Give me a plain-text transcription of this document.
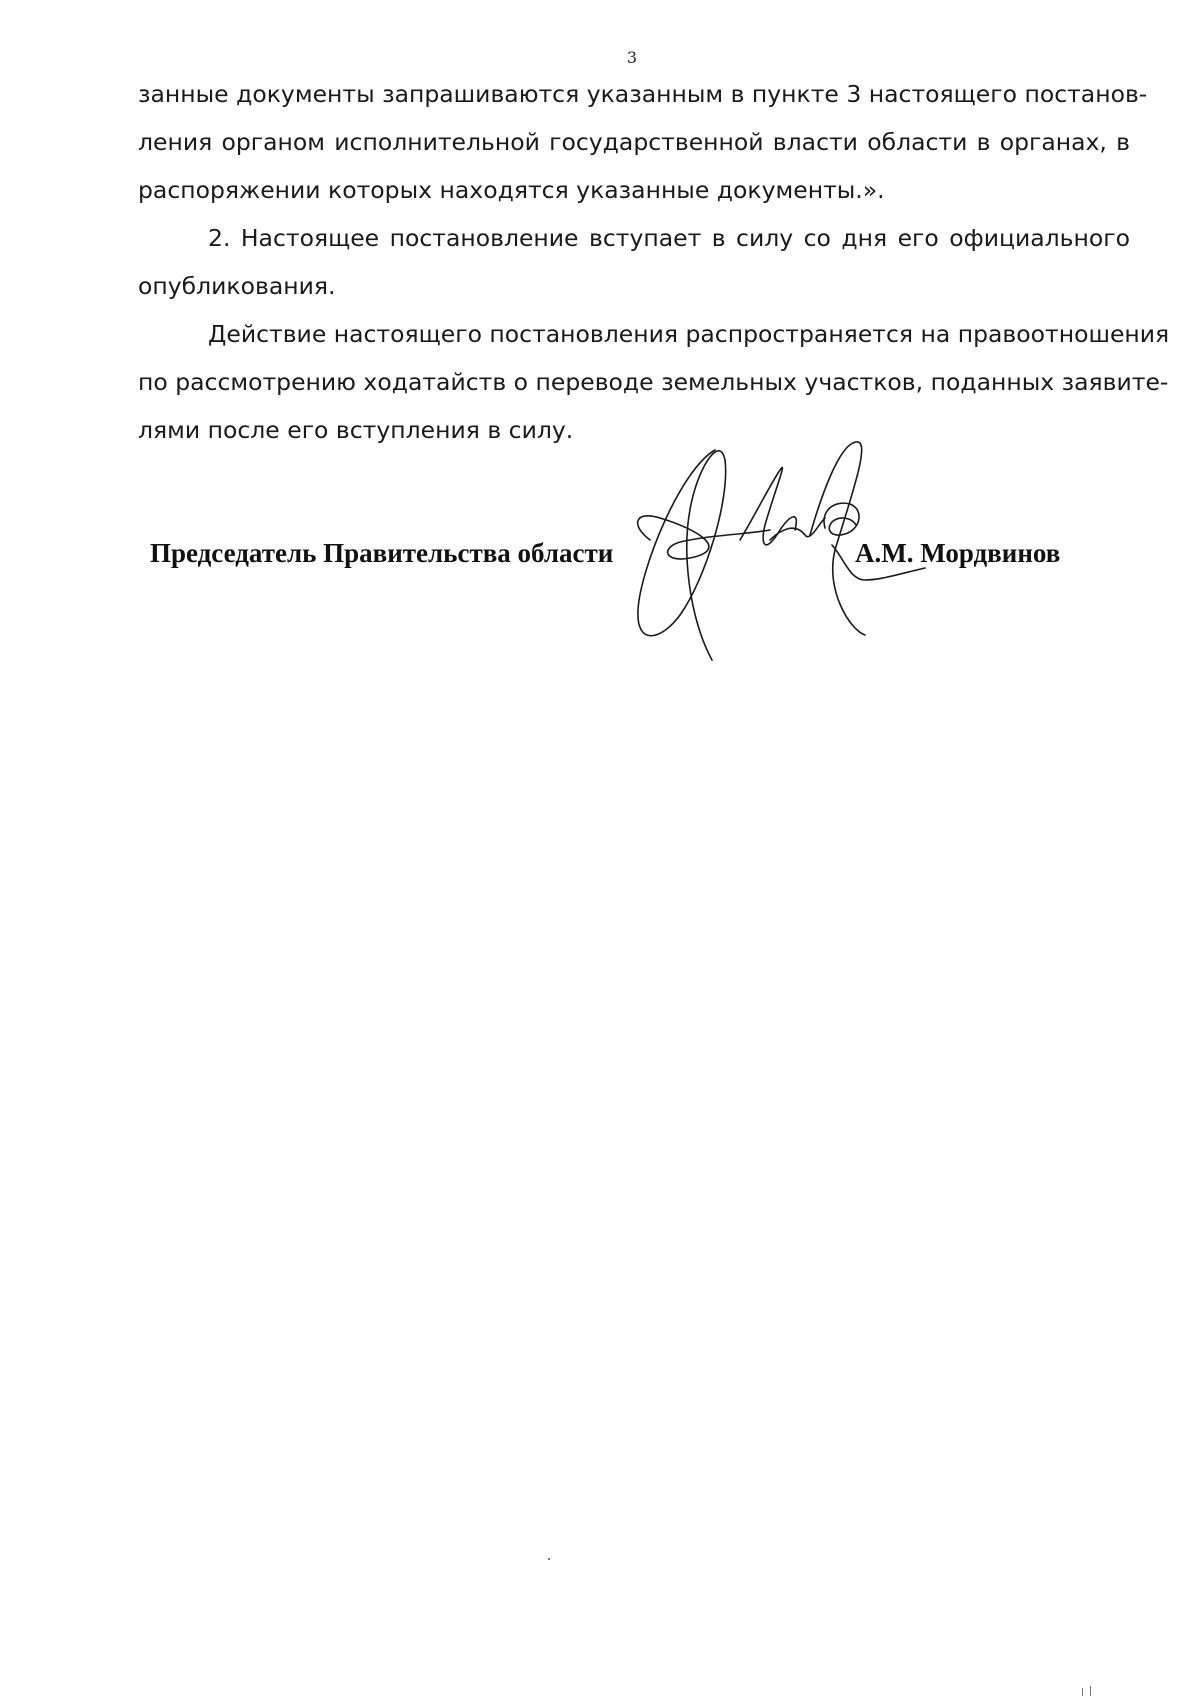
3
занные документы запрашиваются указанным в пункте 3 настоящего постанов-
ления органом исполнительной государственной власти области в органах, в
распоряжении которых находятся указанные документы.».
2. Настоящее постановление вступает в силу со дня его официального
опубликования.
Действие настоящего постановления распространяется на правоотношения
по рассмотрению ходатайств о переводе земельных участков, поданных заявите-
лями после его вступления в силу.
Председатель Правительства области	А.М. Мордвинов
